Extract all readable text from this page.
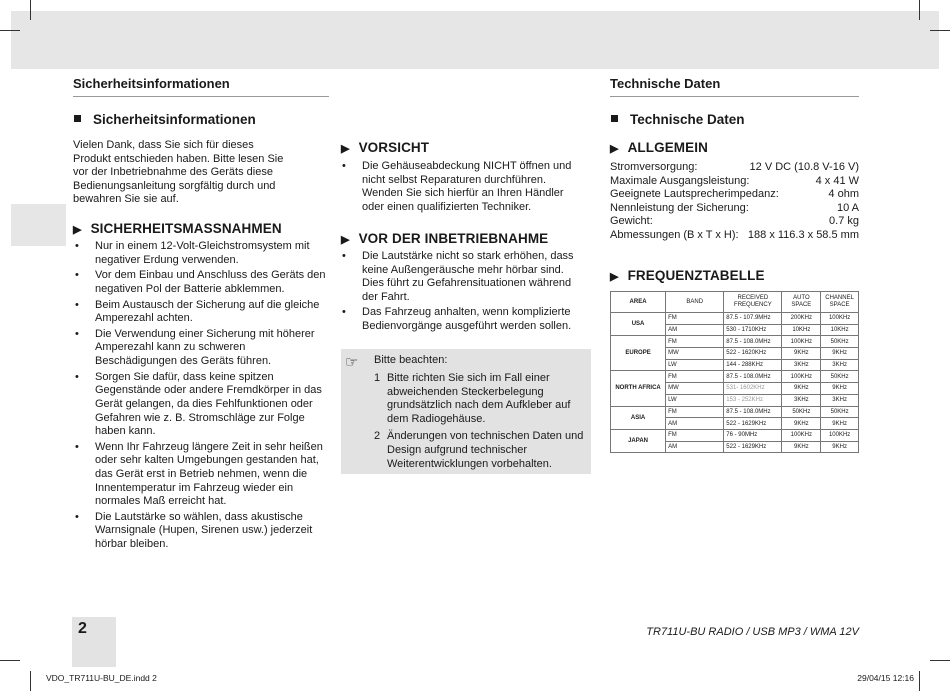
Sicherheitsinformationen	Technische Daten
Sicherheitsinformationen
Vielen Dank, dass Sie sich für dieses
Produkt entschieden haben. Bitte lesen Sie
vor der Inbetriebnahme des Geräts diese
Bedienungsanleitung sorgfältig durch und
bewahren Sie sie auf.
▶ SICHERHEITSMASSNAHMEN
• Nur in einem 12-Volt-Gleichstromsystem mit negativer Erdung verwenden.
• Vor dem Einbau und Anschluss des Geräts den negativen Pol der Batterie abklemmen.
• Beim Austausch der Sicherung auf die gleiche Amperezahl achten.
• Die Verwendung einer Sicherung mit höherer Amperezahl kann zu schweren Beschädigungen des Geräts führen.
• Sorgen Sie dafür, dass keine spitzen Gegenstände oder andere Fremdkörper in das Gerät gelangen, da dies Fehlfunktionen oder Gefahren wie z. B. Stromschläge zur Folge haben kann.
• Wenn Ihr Fahrzeug längere Zeit in sehr heißen oder sehr kalten Umgebungen gestanden hat, das Gerät erst in Betrieb nehmen, wenn die Innentemperatur im Fahrzeug wieder ein normales Maß erreicht hat.
• Die Lautstärke so wählen, dass akustische Warnsignale (Hupen, Sirenen usw.) jederzeit hörbar bleiben.
▶ VORSICHT
• Die Gehäuseabdeckung NICHT öffnen und nicht selbst Reparaturen durchführen. Wenden Sie sich hierfür an Ihren Händler oder einen qualifizierten Techniker.
▶ VOR DER INBETRIEBNAHME
• Die Lautstärke nicht so stark erhöhen, dass keine Außengeräusche mehr hörbar sind. Dies führt zu Gefahrensituationen während der Fahrt.
• Das Fahrzeug anhalten, wenn komplizierte Bedienvorgänge ausgeführt werden sollen.
☞ Bitte beachten:
1 Bitte richten Sie sich im Fall einer abweichenden Steckerbelegung grundsätzlich nach dem Aufkleber auf dem Radiogehäuse.
2 Änderungen von technischen Daten und Design aufgrund technischer Weiterentwicklungen vorbehalten.
Technische Daten
▶ ALLGEMEIN
Stromversorgung:	12 V DC (10.8 V-16 V)
Maximale Ausgangsleistung:	4 x 41 W
Geeignete Lautsprecherimpedanz:	4 ohm
Nennleistung der Sicherung:	10 A
Gewicht:	0.7 kg
Abmessungen (B x T x H): 188 x 116.3 x 58.5 mm
▶ FREQUENZTABELLE
AREA	BAND	RECEIVED FREQUENCY	AUTO SPACE	CHANNEL SPACE
USA	FM	87.5 - 107.9MHz	200KHz	100KHz
	AM	530 - 1710KHz	10KHz	10KHz
EUROPE	FM	87.5 - 108.0MHz	100KHz	50KHz
	MW	522 - 1620KHz	9KHz	9KHz
	LW	144 - 288KHz	3KHz	3KHz
NORTH AFRICA	FM	87.5 - 108.0MHz	100KHz	50KHz
	MW	531- 1602KHz	9KHz	9KHz
	LW	153 - 252KHz	3KHz	3KHz
ASIA	FM	87.5 - 108.0MHz	50KHz	50KHz
	AM	522 - 1629KHz	9KHz	9KHz
JAPAN	FM	76 - 90MHz	100KHz	100KHz
	AM	522 - 1629KHz	9KHz	9KHz
2	TR711U-BU RADIO / USB MP3 / WMA 12V
VDO_TR711U-BU_DE.indd 2	29/04/15 12:16
